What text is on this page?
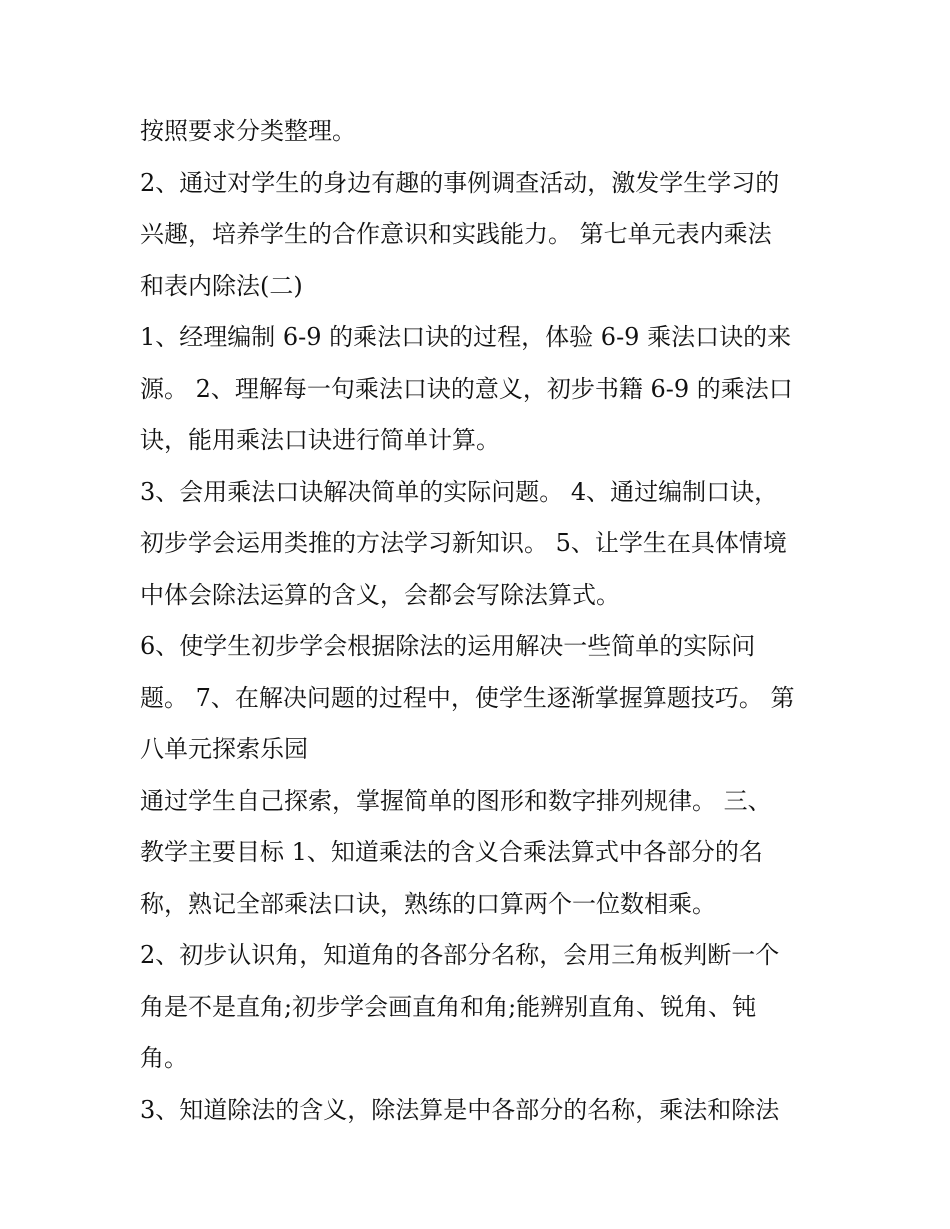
按照要求分类整理。
2、通过对学生的身边有趣的事例调查活动，激发学生学习的
兴趣，培养学生的合作意识和实践能力。 第七单元表内乘法
和表内除法(二)
1、经理编制 6-9 的乘法口诀的过程，体验 6-9 乘法口诀的来
源。 2、理解每一句乘法口诀的意义，初步书籍 6-9 的乘法口
诀，能用乘法口诀进行简单计算。
3、会用乘法口诀解决简单的实际问题。 4、通过编制口诀，
初步学会运用类推的方法学习新知识。 5、让学生在具体情境
中体会除法运算的含义，会都会写除法算式。
6、使学生初步学会根据除法的运用解决一些简单的实际问
题。 7、在解决问题的过程中，使学生逐渐掌握算题技巧。 第
八单元探索乐园
通过学生自己探索，掌握简单的图形和数字排列规律。 三、
教学主要目标 1、知道乘法的含义合乘法算式中各部分的名
称，熟记全部乘法口诀，熟练的口算两个一位数相乘。
2、初步认识角，知道角的各部分名称，会用三角板判断一个
角是不是直角;初步学会画直角和角;能辨别直角、锐角、钝
角。
3、知道除法的含义，除法算是中各部分的名称，乘法和除法
